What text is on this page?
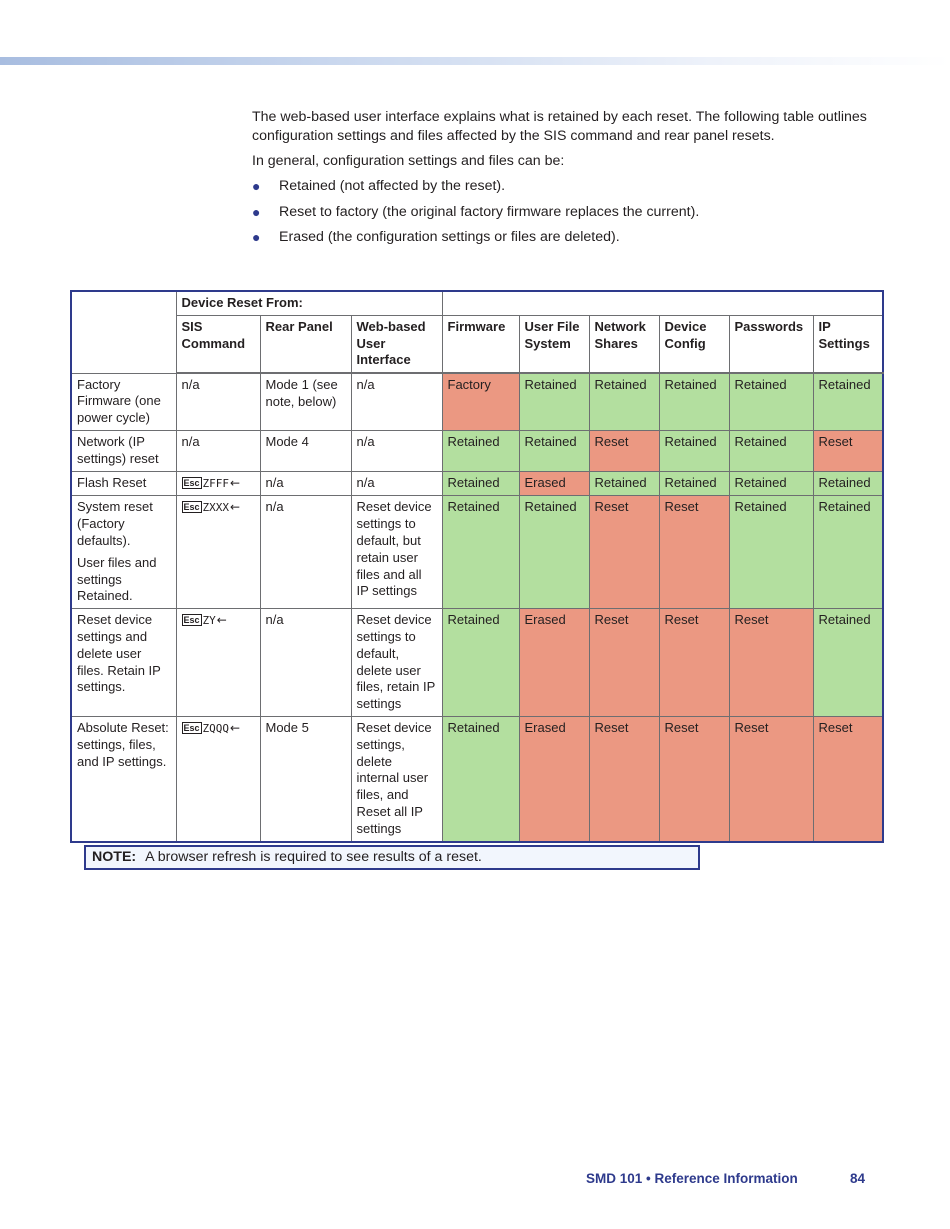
The web-based user interface explains what is retained by each reset. The following table outlines configuration settings and files affected by the SIS command and rear panel resets.

In general, configuration settings and files can be:

● Retained (not affected by the reset).
● Reset to factory (the original factory firmware replaces the current).
● Erased (the configuration settings or files are deleted).
	Device Reset From:								
	SIS Command	Rear Panel	Web-based User Interface	Firmware	User File System	Network Shares	Device Config	Passwords	IP Settings

Factory Firmware (one power cycle)	n/a	Mode 1 (see note, below)	n/a	Factory	Retained	Retained	Retained	Retained	Retained

Network (IP settings) reset	n/a	Mode 4	n/a	Retained	Retained	Reset	Retained	Retained	Reset

Flash Reset	Esc ZFFF←	n/a	n/a	Retained	Erased	Retained	Retained	Retained	Retained

System reset (Factory defaults).

User files and settings Retained.	Esc ZXXX←	n/a	Reset device settings to default, but retain user files and all IP settings	Retained	Retained	Reset	Reset	Retained	Retained

Reset device settings and delete user files. Retain IP settings.	Esc ZY←	n/a	Reset device settings to default, delete user files, retain IP settings	Retained	Erased	Reset	Reset	Reset	Retained

Absolute Reset: settings, files, and IP settings.	Esc ZQQQ←	Mode 5	Reset device settings, delete internal user files, and Reset all IP settings	Retained	Erased	Reset	Reset	Reset	Reset
NOTE: A browser refresh is required to see results of a reset.
SMD 101 • Reference Information	84
